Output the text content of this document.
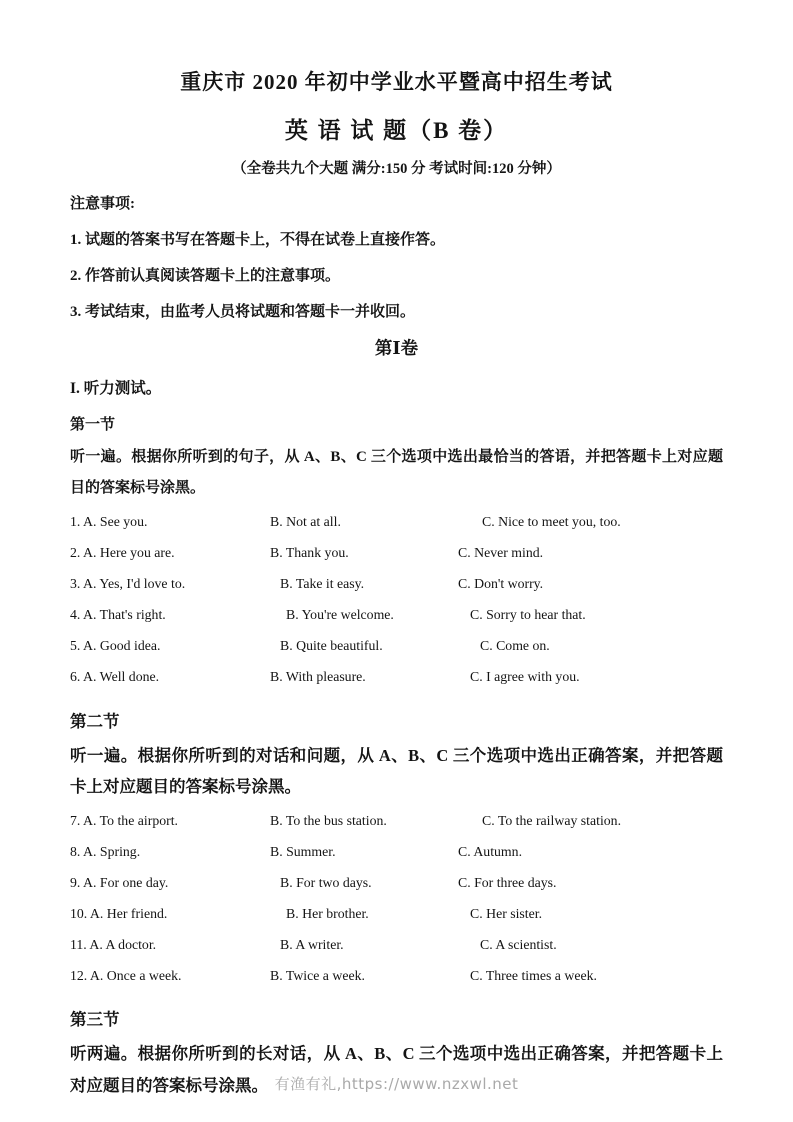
重庆市 2020 年初中学业水平暨高中招生考试
英 语 试 题（B 卷）
（全卷共九个大题 满分:150 分 考试时间:120 分钟）
注意事项:

1. 试题的答案书写在答题卡上，不得在试卷上直接作答。

2. 作答前认真阅读答题卡上的注意事项。

3. 考试结束，由监考人员将试题和答题卡一并收回。

第Ⅰ卷
I. 听力测试。
第一节

听一遍。根据你所听到的句子，从 A、B、C 三个选项中选出最恰当的答语，并把答题卡上对应题目的答案标号涂黑。

1. A. See you.	B. Not at all.	C. Nice to meet you, too.
2. A. Here you are.	B. Thank you.	C. Never mind.
3. A. Yes, I'd love to.	B. Take it easy.	C. Don't worry.
4. A. That's right.	B. You're welcome.	C. Sorry to hear that.
5. A. Good idea.	B. Quite beautiful.	C. Come on.
6. A. Well done.	B. With pleasure.	C. I agree with you.
第二节

听一遍。根据你所听到的对话和问题，从 A、B、C 三个选项中选出正确答案，并把答题卡上对应题目的答案标号涂黑。

7. A. To the airport.	B. To the bus station.	C. To the railway station.
8. A. Spring.	B. Summer.	C. Autumn.
9. A. For one day.	B. For two days.	C. For three days.
10. A. Her friend.	B. Her brother.	C. Her sister.
11. A. A doctor.	B. A writer.	C. A scientist.
12. A. Once a week.	B. Twice a week.	C. Three times a week.
第三节

听两遍。根据你所听到的长对话，从 A、B、C 三个选项中选出正确答案，并把答题卡上对应题目的答案标号涂黑。 有渔有礼,https://www.nzxwl.net
